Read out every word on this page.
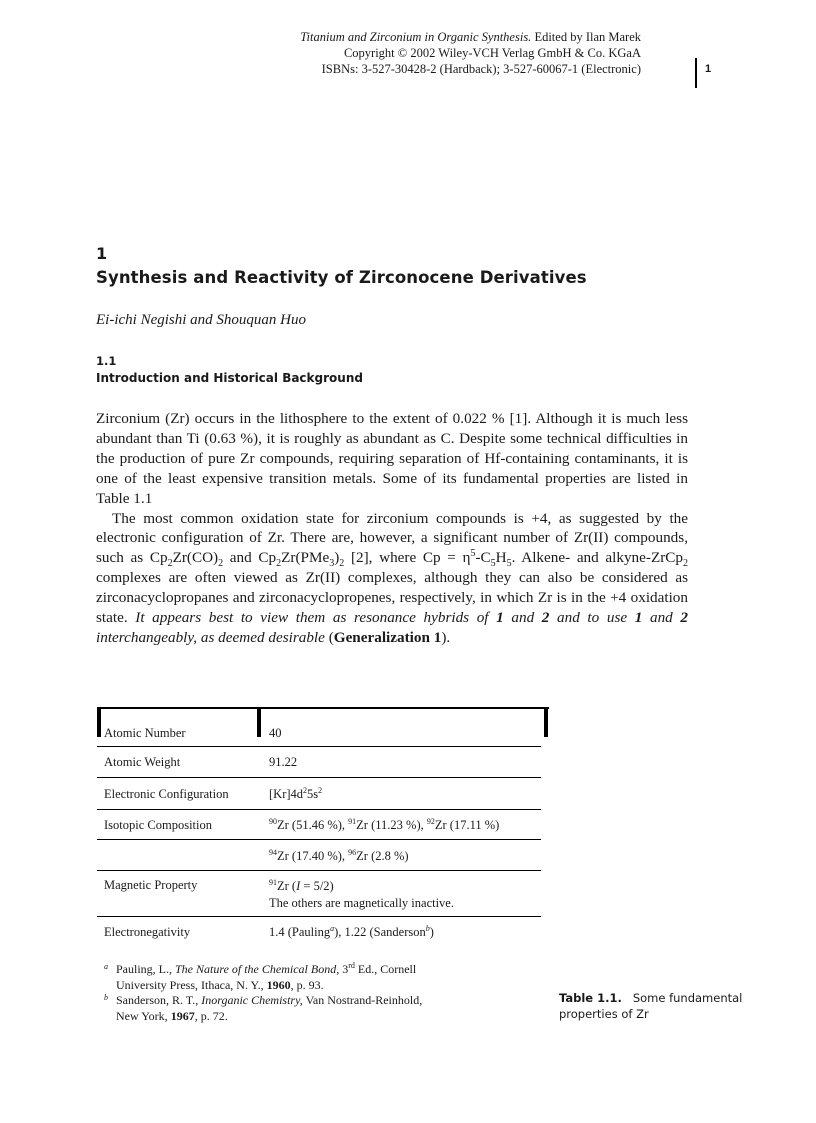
Titanium and Zirconium in Organic Synthesis. Edited by Ilan Marek
Copyright © 2002 Wiley-VCH Verlag GmbH & Co. KGaA
ISBNs: 3-527-30428-2 (Hardback); 3-527-60067-1 (Electronic)	1
1
Synthesis and Reactivity of Zirconocene Derivatives
Ei-ichi Negishi and Shouquan Huo
1.1
Introduction and Historical Background

Zirconium (Zr) occurs in the lithosphere to the extent of 0.022 % [1]. Although it is much less abundant than Ti (0.63 %), it is roughly as abundant as C. Despite some technical difficulties in the production of pure Zr compounds, requiring separation of Hf-containing contaminants, it is one of the least expensive transition metals. Some of its fundamental properties are listed in Table 1.1

The most common oxidation state for zirconium compounds is +4, as suggested by the electronic configuration of Zr. There are, however, a significant number of Zr(II) compounds, such as $Cp_2Zr(CO)_2$ and $Cp_2Zr(PMe_3)_2$ [2], where $Cp = \eta^5-C_5H_5$. Alkene- and alkyne-ZrCp$_2$ complexes are often viewed as Zr(II) complexes, although they can also be considered as zirconacyclopropanes and zirconacyclopropenes, respectively, in which Zr is in the +4 oxidation state. It appears best to view them as resonance hybrids of 1 and 2 and to use 1 and 2 interchangeably, as deemed desirable (Generalization 1).

Atomic Number	40
Atomic Weight	91.22
Electronic Configuration	$[Kr]4d^25s^2$
Isotopic Composition	$^{90}$Zr (51.46 %), $^{91}$Zr (11.23 %), $^{92}$Zr (17.11 %)
$^{94}$Zr (17.40 %), $^{96}$Zr (2.8 %)
Magnetic Property	$^{91}$Zr (I = 5/2)
The others are magnetically inactive.
Electronegativity	1.4 (Pauling$^a$), 1.22 (Sanderson$^b$)
a Pauling, L., The Nature of the Chemical Bond, 3rd Ed., Cornell
University Press, Ithaca, N. Y., 1960, p. 93.
b Sanderson, R. T., Inorganic Chemistry, Van Nostrand-Reinhold,
New York, 1967, p. 72.
Table 1.1. Some fundamental properties of Zr
